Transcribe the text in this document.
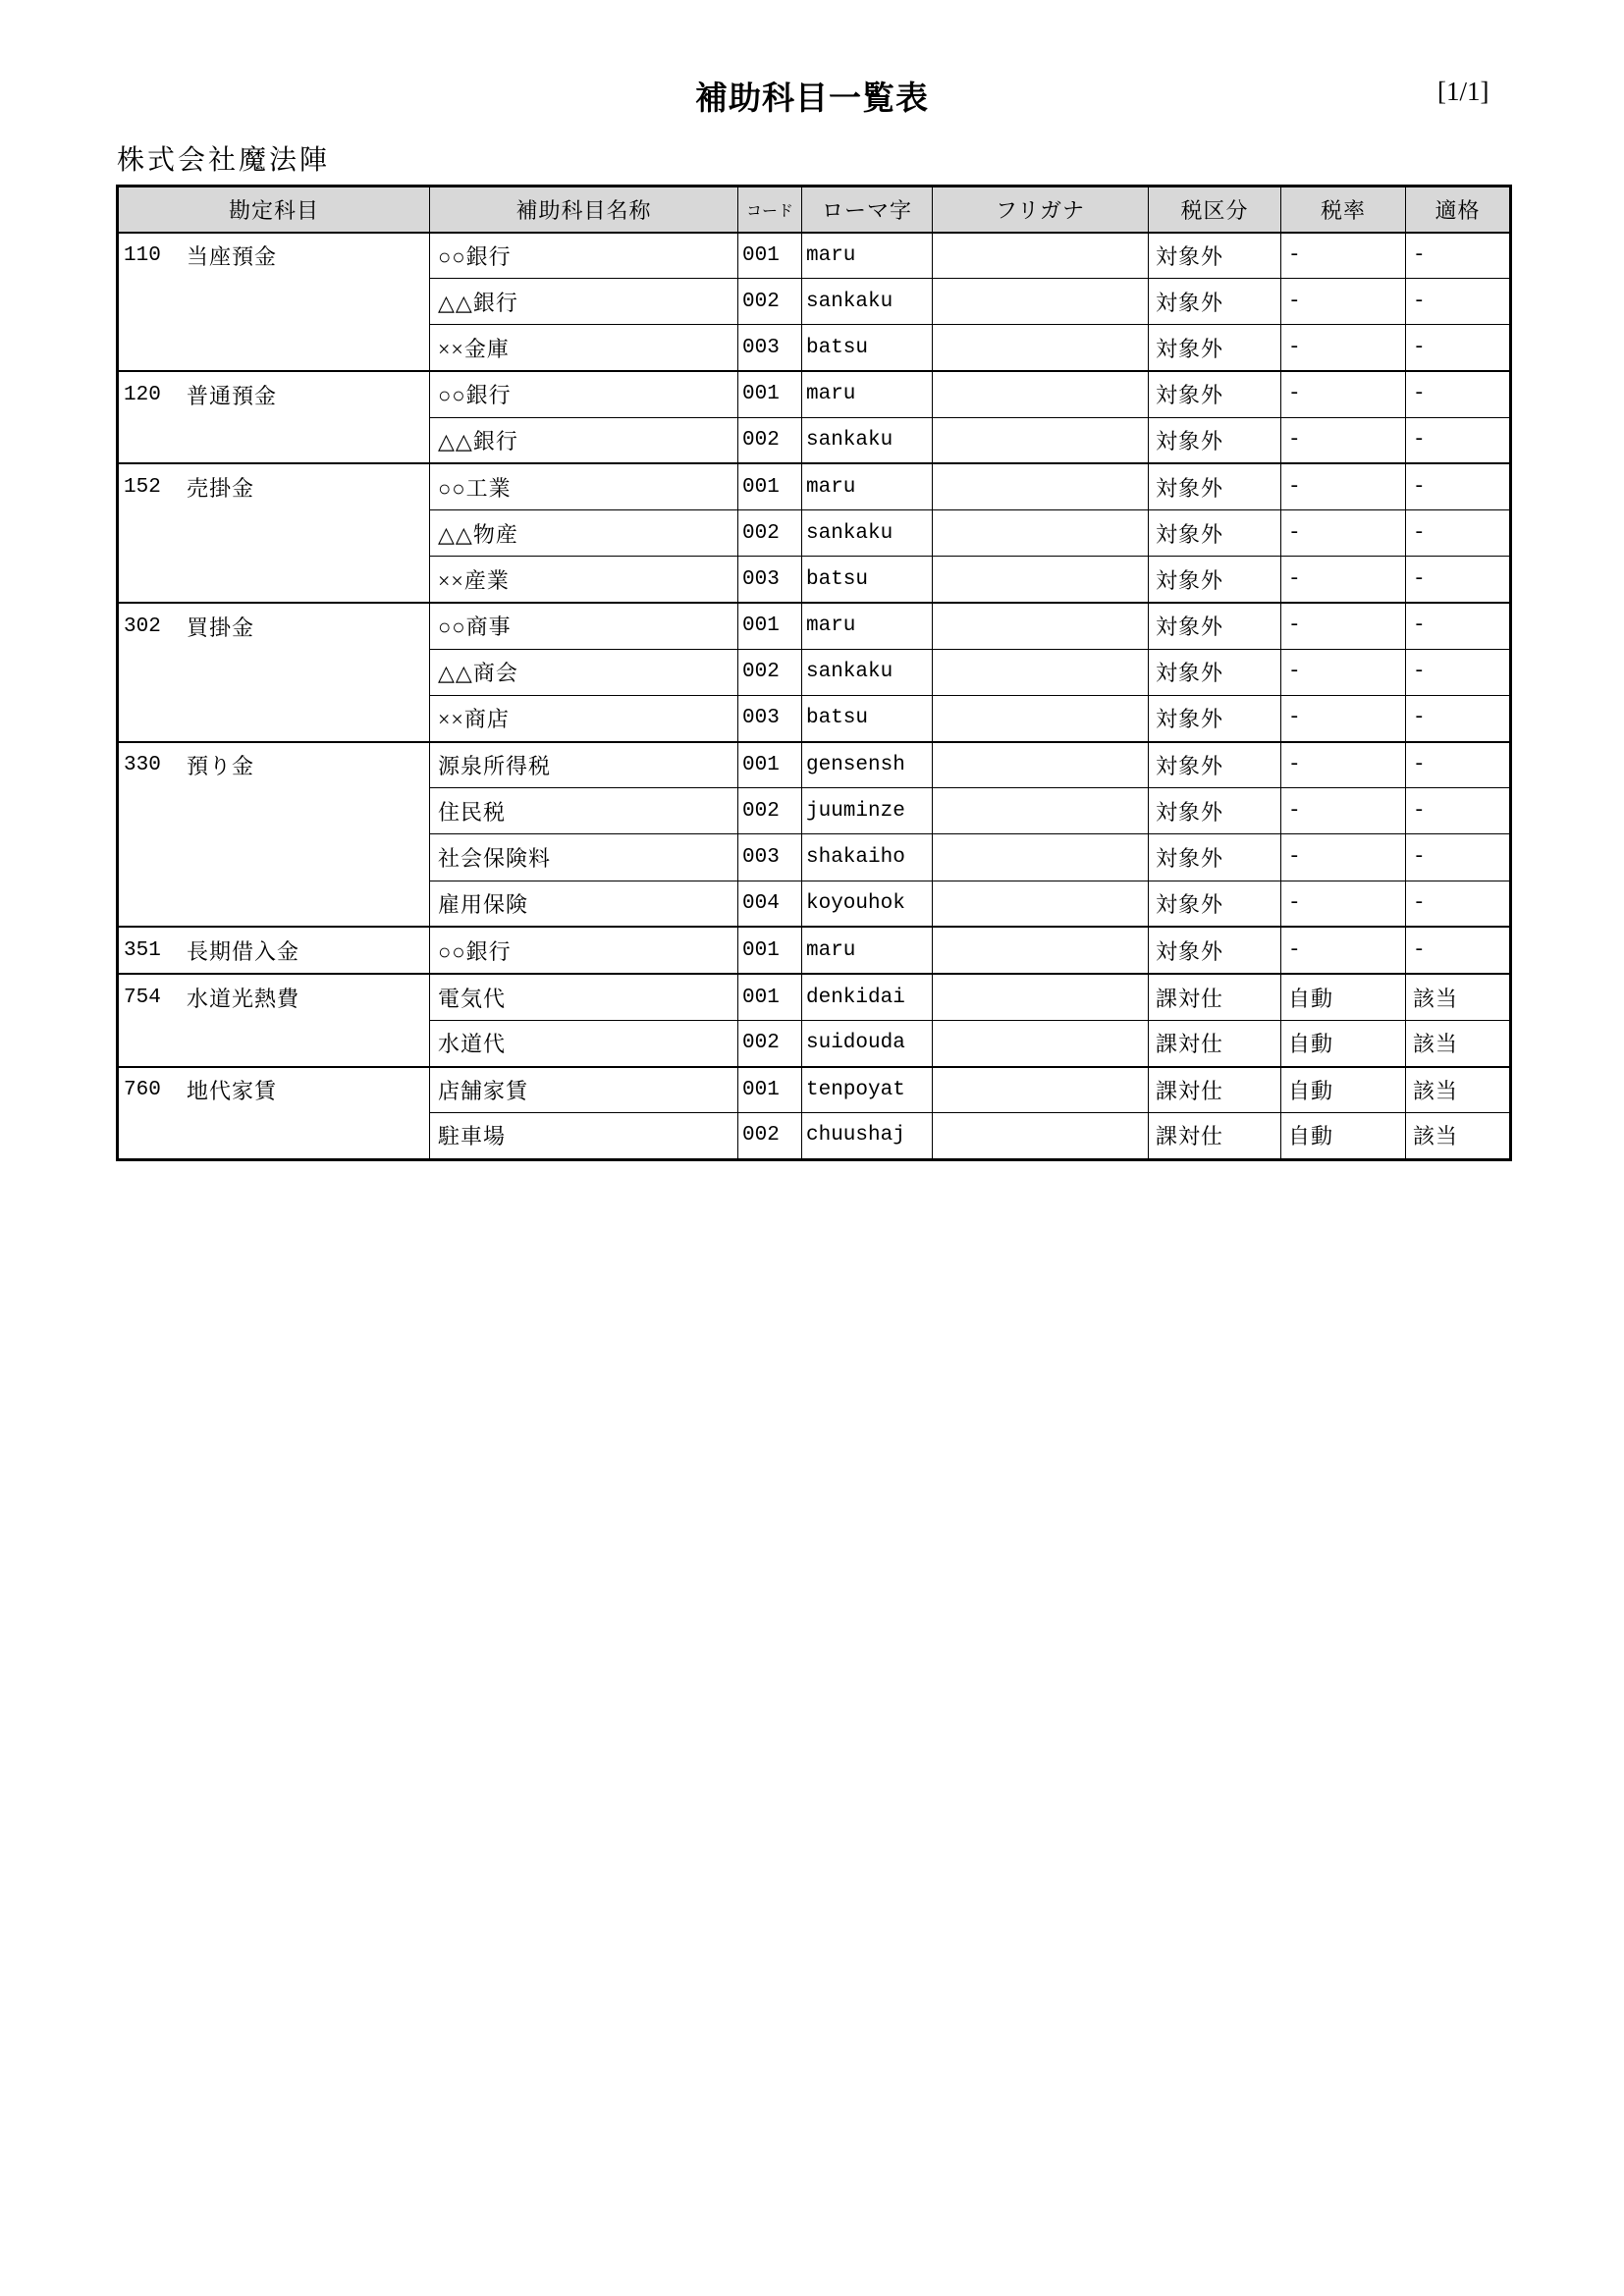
補助科目一覧表	[1/1]
株式会社魔法陣
勘定科目	補助科目名称	コード	ローマ字	フリガナ	税区分	税率	適格

110 当座預金	○○銀行	001	maru		対象外	-	-
	△△銀行	002	sankaku		対象外	-	-
	××金庫	003	batsu		対象外	-	-

120 普通預金	○○銀行	001	maru		対象外	-	-
	△△銀行	002	sankaku		対象外	-	-

152 売掛金	○○工業	001	maru		対象外	-	-
	△△物産	002	sankaku		対象外	-	-
	××産業	003	batsu		対象外	-	-

302 買掛金	○○商事	001	maru		対象外	-	-
	△△商会	002	sankaku		対象外	-	-
	××商店	003	batsu		対象外	-	-

330 預り金	源泉所得税	001	gensensh		対象外	-	-
	住民税	002	juuminze		対象外	-	-
	社会保険料	003	shakaiho		対象外	-	-
	雇用保険	004	koyouhok		対象外	-	-

351 長期借入金	○○銀行	001	maru		対象外	-	-

754 水道光熱費	電気代	001	denkidai		課対仕	自動	該当
	水道代	002	suidouda		課対仕	自動	該当

760 地代家賃	店舗家賃	001	tenpoyat		課対仕	自動	該当
	駐車場	002	chuushaj		課対仕	自動	該当
